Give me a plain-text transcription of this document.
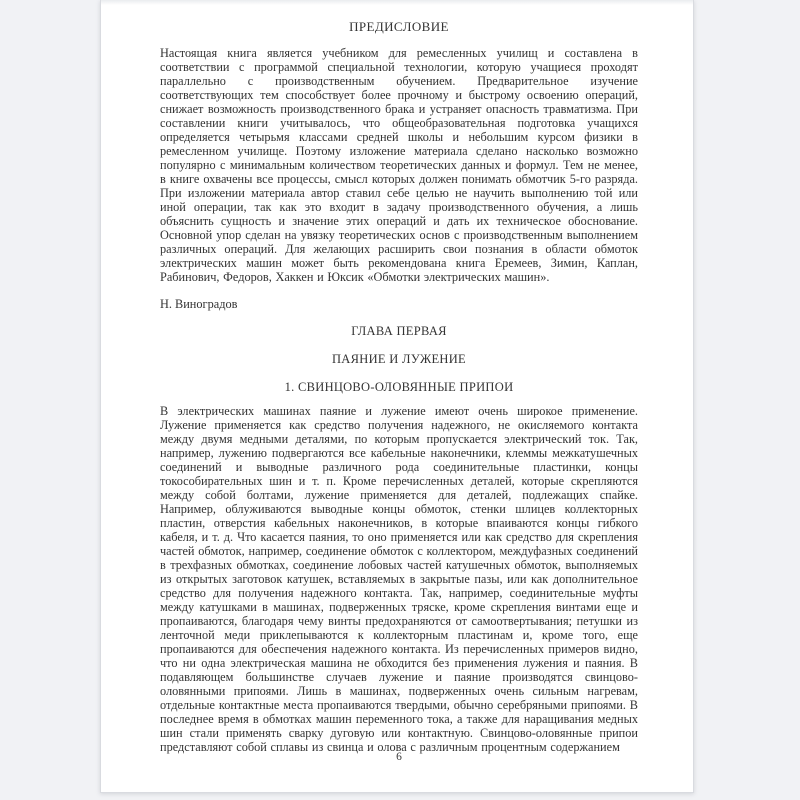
ПРЕДИСЛОВИЕ

Настоящая книга является учебником для ремесленных училищ и составлена в соответствии с программой специальной технологии, которую учащиеся проходят параллельно с производственным обучением. Предварительное изучение соответствующих тем способствует более прочному и быстрому освоению операций, снижает возможность производственного брака и устраняет опасность травматизма. При составлении книги учитывалось, что общеобразовательная подготовка учащихся определяется четырьмя классами средней школы и небольшим курсом физики в ремесленном училище. Поэтому изложение материала сделано насколько возможно популярно с минимальным количеством теоретических данных и формул. Тем не менее, в книге охвачены все процессы, смысл которых должен понимать обмотчик 5-го разряда. При изложении материала автор ставил себе целью не научить выполнению той или иной операции, так как это входит в задачу производственного обучения, а лишь объяснить сущность и значение этих операций и дать их техническое обоснование. Основной упор сделан на увязку теоретических основ с производственным выполнением различных операций. Для желающих расширить свои познания в области обмоток электрических машин может быть рекомендована книга Еремеев, Зимин, Каплан, Рабинович, Федоров, Хаккен и Юксик «Обмотки электрических машин».

Н. Виноградов

ГЛАВА ПЕРВАЯ
ПАЯНИЕ И ЛУЖЕНИЕ
1. СВИНЦОВО-ОЛОВЯННЫЕ ПРИПОИ

В электрических машинах паяние и лужение имеют очень широкое применение. Лужение применяется как средство получения надежного, не окисляемого контакта между двумя медными деталями, по которым пропускается электрический ток. Так, например, лужению подвергаются все кабельные наконечники, клеммы межкатушечных соединений и выводные различного рода соединительные пластинки, концы токособирательных шин и т. п. Кроме перечисленных деталей, которые скрепляются между собой болтами, лужение применяется для деталей, подлежащих спайке. Например, облуживаются выводные концы обмоток, стенки шлицев коллекторных пластин, отверстия кабельных наконечников, в которые впаиваются концы гибкого кабеля, и т. д. Что касается паяния, то оно применяется или как средство для скрепления частей обмоток, например, соединение обмоток с коллектором, междуфазных соединений в трехфазных обмотках, соединение лобовых частей катушечных обмоток, выполняемых из открытых заготовок катушек, вставляемых в закрытые пазы, или как дополнительное средство для получения надежного контакта. Так, например, соединительные муфты между катушками в машинах, подверженных тряске, кроме скрепления винтами еще и пропаиваются, благодаря чему винты предохраняются от самоотвертывания; петушки из ленточной меди приклепываются к коллекторным пластинам и, кроме того, еще пропаиваются для обеспечения надежного контакта. Из перечисленных примеров видно, что ни одна электрическая машина не обходится без применения лужения и паяния. В подавляющем большинстве случаев лужение и паяние производятся свинцово-оловянными припоями. Лишь в машинах, подверженных очень сильным нагревам, отдельные контактные места пропаиваются твердыми, обычно серебряными припоями. В последнее время в обмотках машин переменного тока, а также для наращивания медных шин стали применять сварку дуговую или контактную. Свинцово-оловянные припои представляют собой сплавы из свинца и олова с различным процентным содержанием

6
